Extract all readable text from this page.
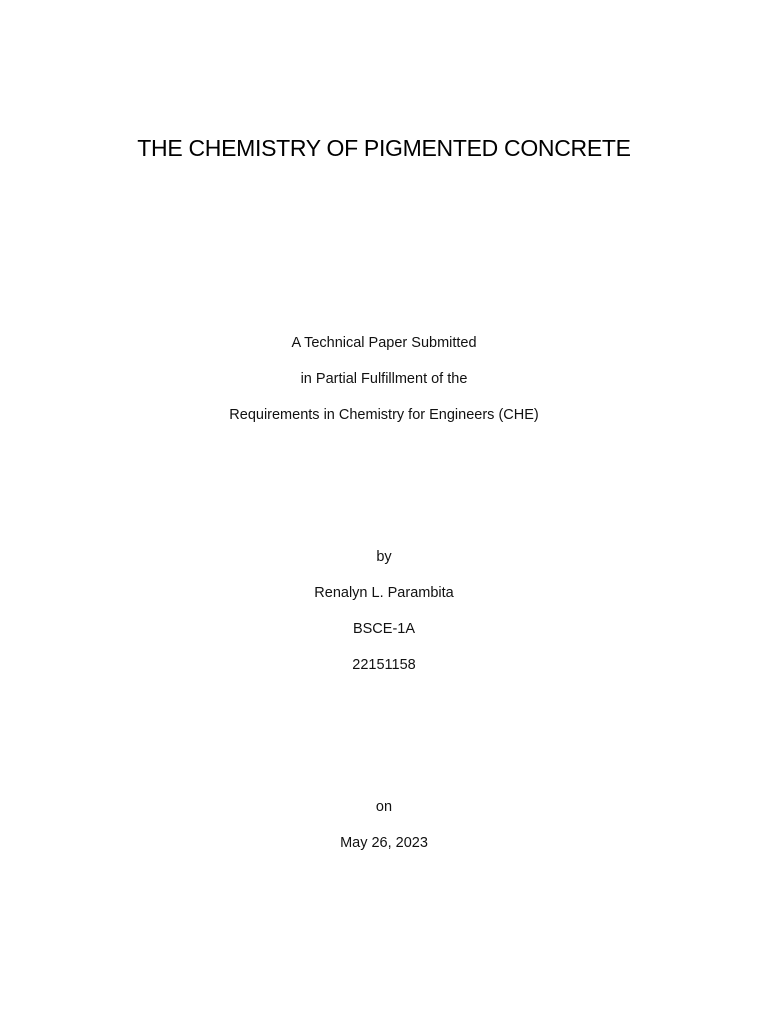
THE CHEMISTRY OF PIGMENTED CONCRETE
A Technical Paper Submitted
in Partial Fulfillment of the
Requirements in Chemistry for Engineers (CHE)
by
Renalyn L. Parambita
BSCE-1A
22151158
on
May 26, 2023
